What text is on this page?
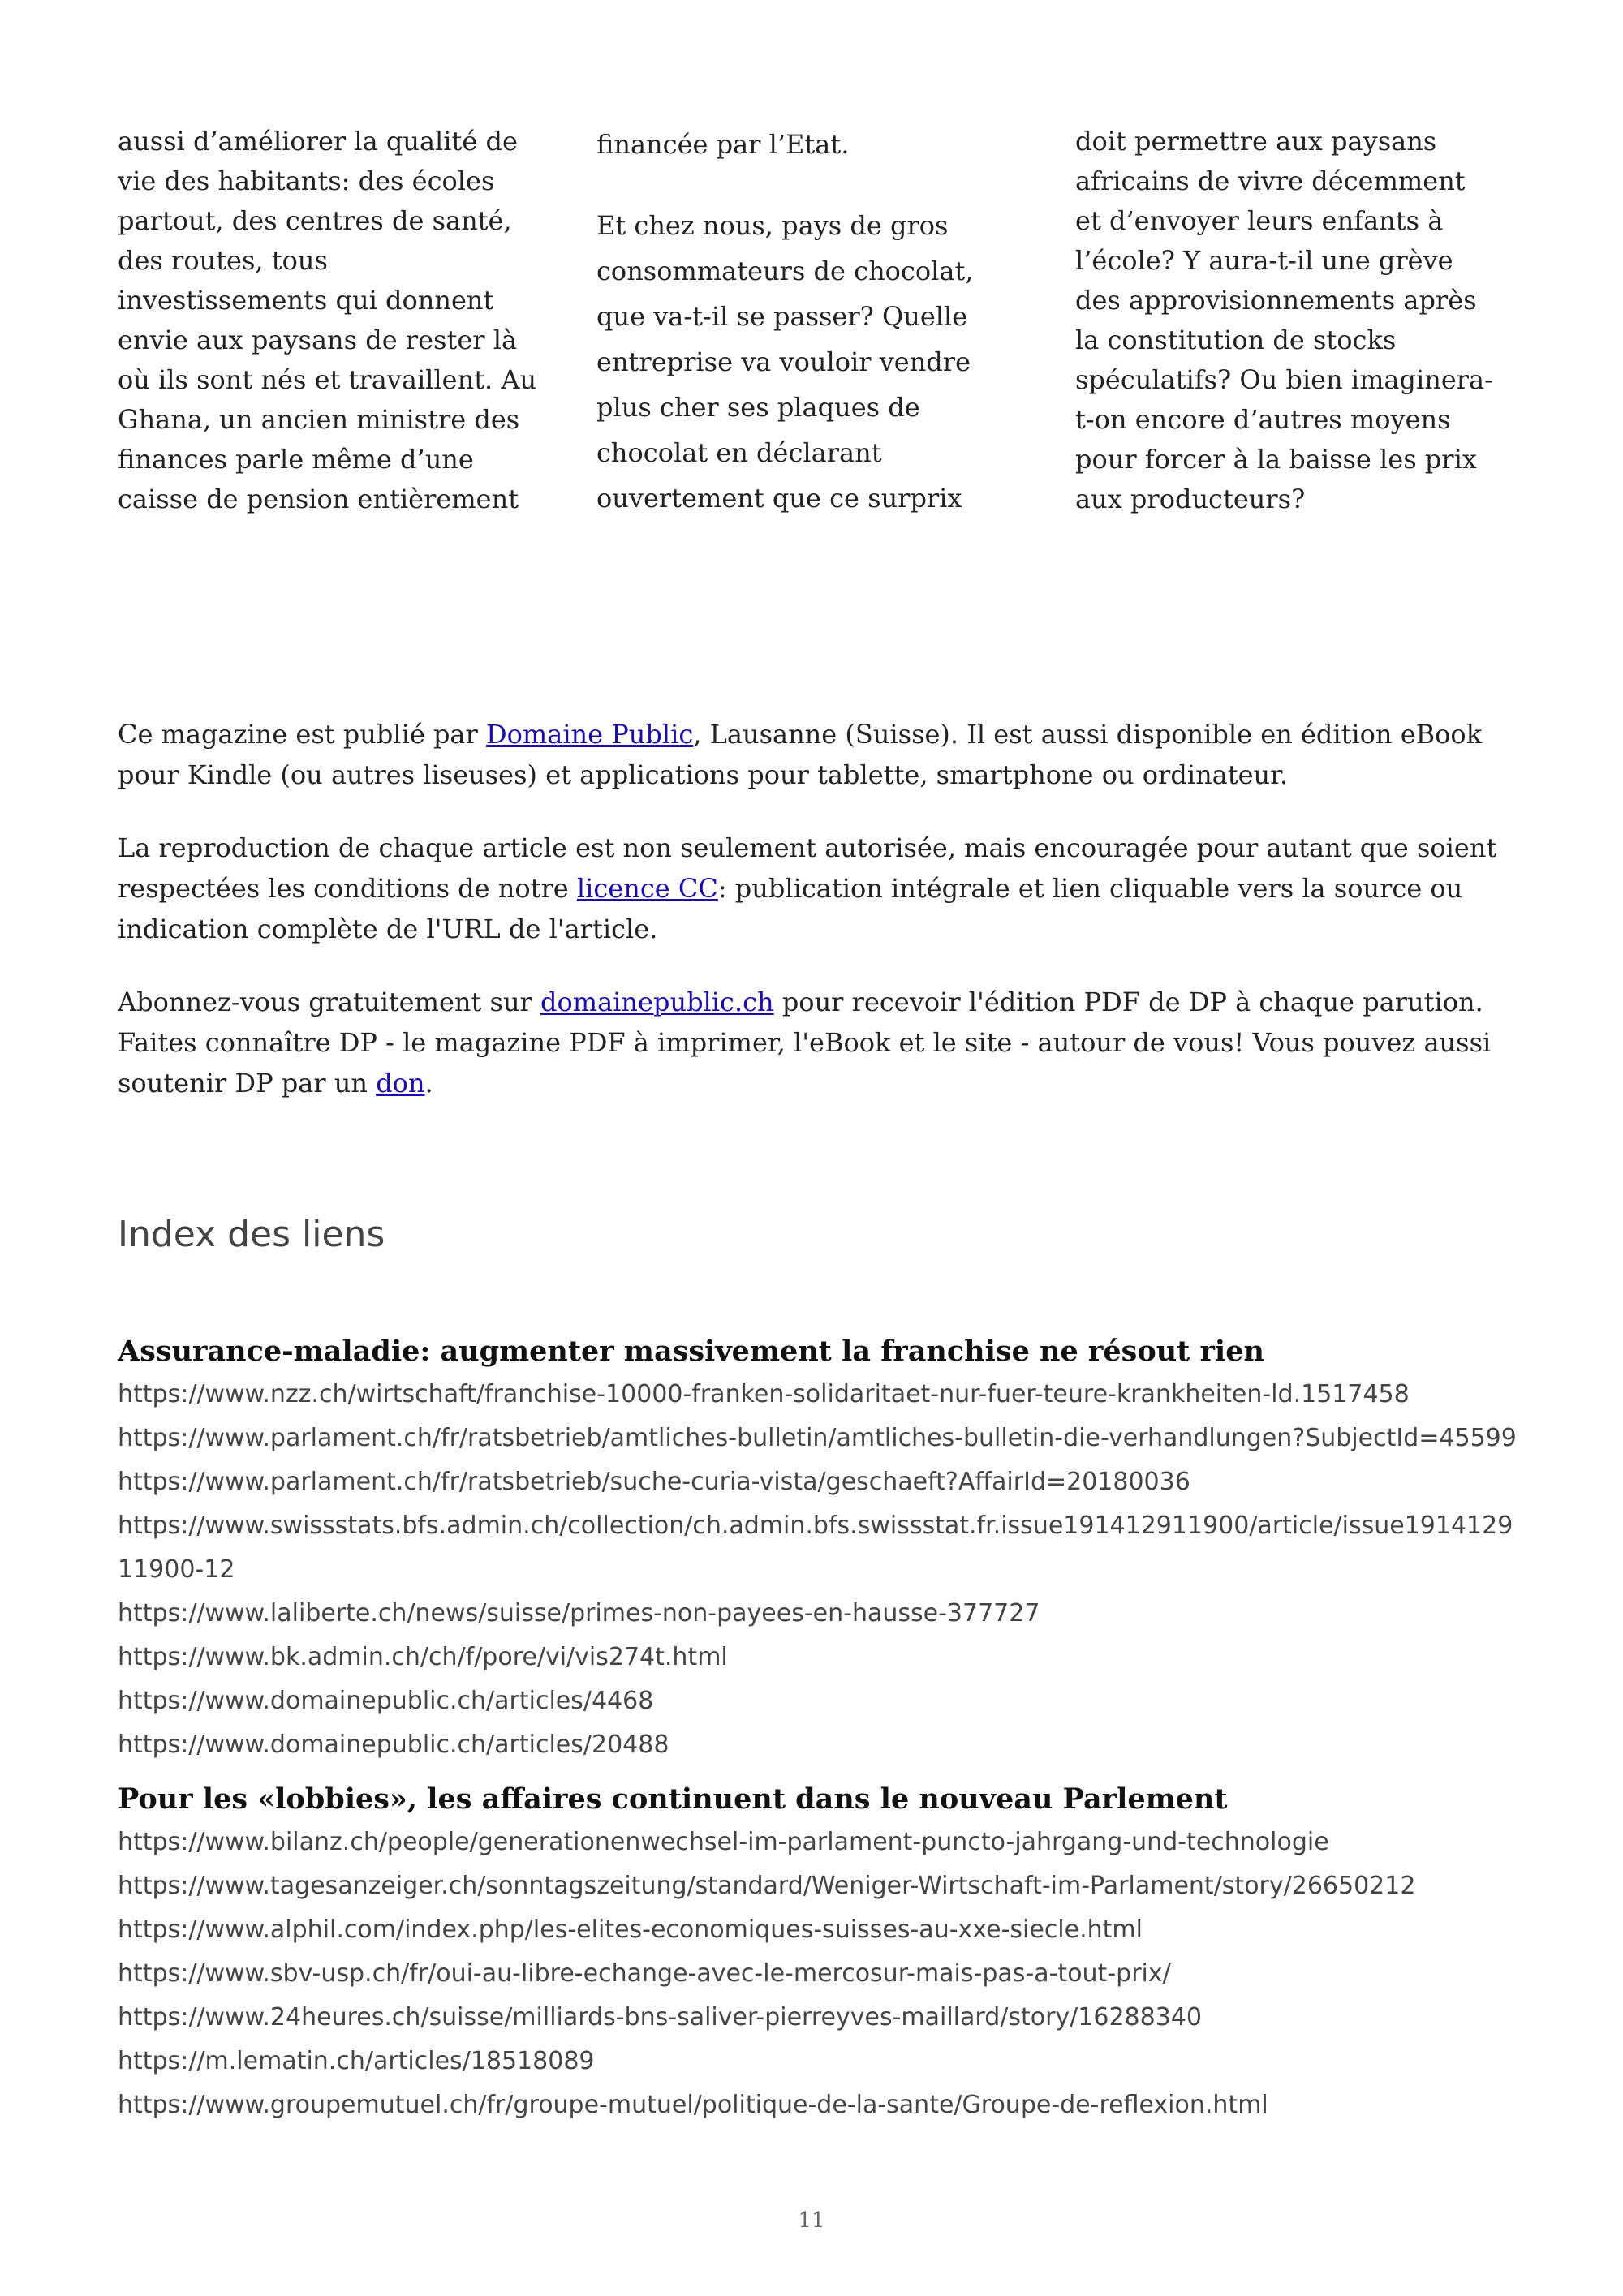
aussi d’améliorer la qualité de vie des habitants: des écoles partout, des centres de santé, des routes, tous investissements qui donnent envie aux paysans de rester là où ils sont nés et travaillent. Au Ghana, un ancien ministre des finances parle même d’une caisse de pension entièrement

financée par l’Etat.

Et chez nous, pays de gros consommateurs de chocolat, que va-t-il se passer? Quelle entreprise va vouloir vendre plus cher ses plaques de chocolat en déclarant ouvertement que ce surprix

doit permettre aux paysans africains de vivre décemment et d’envoyer leurs enfants à l’école? Y aura-t-il une grève des approvisionnements après la constitution de stocks spéculatifs? Ou bien imaginera-t-on encore d’autres moyens pour forcer à la baisse les prix aux producteurs?

Ce magazine est publié par Domaine Public, Lausanne (Suisse). Il est aussi disponible en édition eBook pour Kindle (ou autres liseuses) et applications pour tablette, smartphone ou ordinateur.

La reproduction de chaque article est non seulement autorisée, mais encouragée pour autant que soient respectées les conditions de notre licence CC: publication intégrale et lien cliquable vers la source ou indication complète de l'URL de l'article.

Abonnez-vous gratuitement sur domainepublic.ch pour recevoir l'édition PDF de DP à chaque parution. Faites connaître DP - le magazine PDF à imprimer, l'eBook et le site - autour de vous! Vous pouvez aussi soutenir DP par un don.

Index des liens
Assurance-maladie: augmenter massivement la franchise ne résout rien
https://www.nzz.ch/wirtschaft/franchise-10000-franken-solidaritaet-nur-fuer-teure-krankheiten-ld.1517458
https://www.parlament.ch/fr/ratsbetrieb/amtliches-bulletin/amtliches-bulletin-die-verhandlungen?SubjectId=45599
https://www.parlament.ch/fr/ratsbetrieb/suche-curia-vista/geschaeft?AffairId=20180036
https://www.swissstats.bfs.admin.ch/collection/ch.admin.bfs.swissstat.fr.issue191412911900/article/issue191412911900-12
https://www.laliberte.ch/news/suisse/primes-non-payees-en-hausse-377727
https://www.bk.admin.ch/ch/f/pore/vi/vis274t.html
https://www.domainepublic.ch/articles/4468
https://www.domainepublic.ch/articles/20488
Pour les «lobbies», les affaires continuent dans le nouveau Parlement
https://www.bilanz.ch/people/generationenwechsel-im-parlament-puncto-jahrgang-und-technologie
https://www.tagesanzeiger.ch/sonntagszeitung/standard/Weniger-Wirtschaft-im-Parlament/story/26650212
https://www.alphil.com/index.php/les-elites-economiques-suisses-au-xxe-siecle.html
https://www.sbv-usp.ch/fr/oui-au-libre-echange-avec-le-mercosur-mais-pas-a-tout-prix/
https://www.24heures.ch/suisse/milliards-bns-saliver-pierreyves-maillard/story/16288340
https://m.lematin.ch/articles/18518089
https://www.groupemutuel.ch/fr/groupe-mutuel/politique-de-la-sante/Groupe-de-reflexion.html
11
